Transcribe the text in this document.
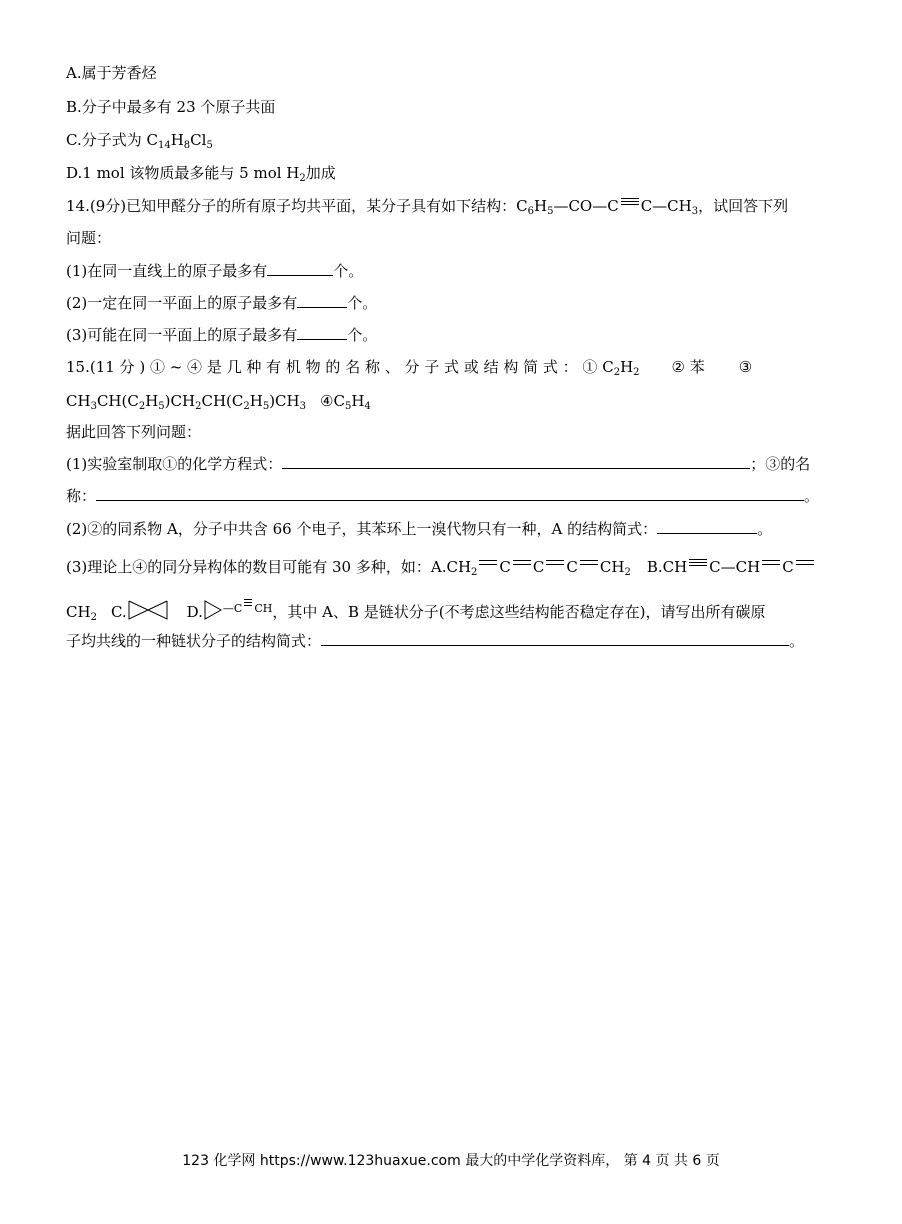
A.属于芳香烃
B.分子中最多有 23 个原子共面
C.分子式为 $C_{14}H_8Cl_5$
D.1 mol 该物质最多能与 5 mol $H_2$加成
14.(9分)已知甲醛分子的所有原子均共平面，某分子具有如下结构：$C_6H_5—CO—C$ $C—CH_3$，试回答下列
问题：
(1)在同一直线上的原子最多有	个。
(2)一定在同一平面上的原子最多有	个。
(3)可能在同一平面上的原子最多有	个。
15.(11 分 ) ① ~ ④ 是 几 种 有 机 物 的 名 称 、 分 子 式 或 结 构 简 式 ： ① $C_2H_2$ ② 苯 ③
$CH_3CH(C_2H_5)CH_2CH(C_2H_5)CH_3$ $④C_5H_4$
据此回答下列问题：
(1)实验室制取①的化学方程式：	；③的名
称：	。
(2)②的同系物 A，分子中共含 66 个电子，其苯环上一溴代物只有一种，A 的结构简式：	。
(3)理论上④的同分异构体的数目可能有 30 多种，如：$A.CH_2$ C C C $CH_2$ B.CH C—CH C
$CH_2$ C.	D. $^{—C CH}$，其中 A、B 是链状分子(不考虑这些结构能否稳定存在)，请写出所有碳原
子均共线的一种链状分子的结构简式：	。
123 化学网 https://www.123huaxue.com 最大的中学化学资料库， 第 4 页 共 6 页
